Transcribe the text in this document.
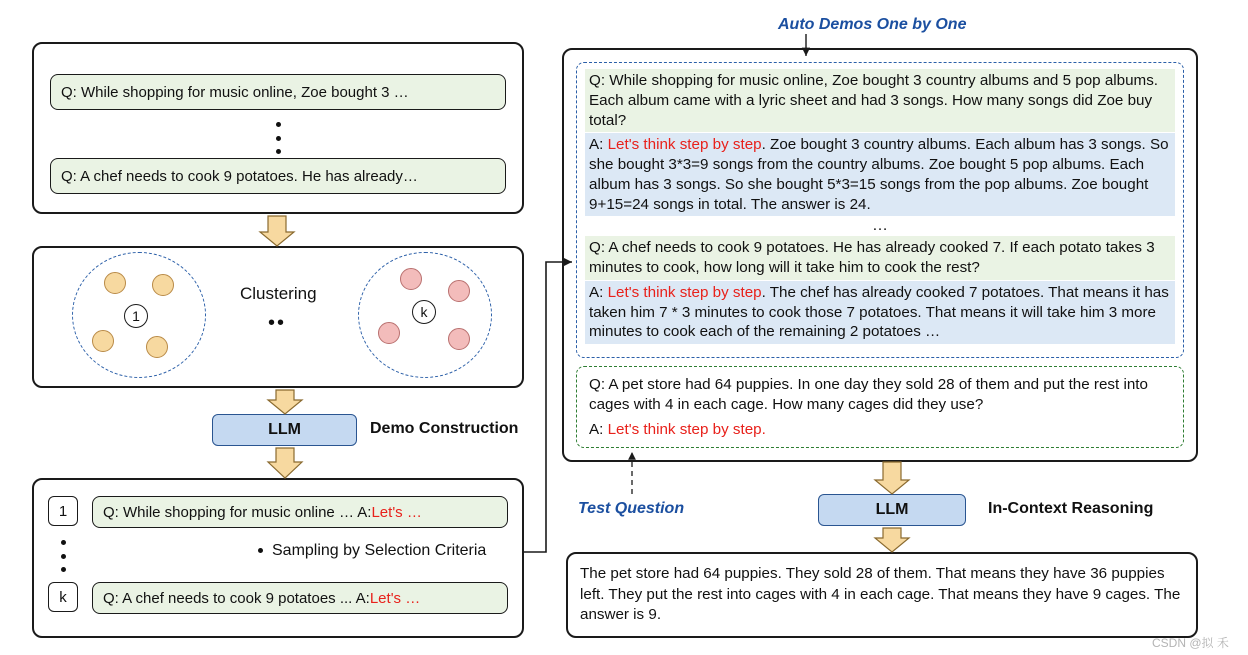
Q: While shopping for music online, Zoe bought 3 …
Q: A chef needs to cook 9 potatoes. He has already…
1
Clustering
••	k
LLM	Demo Construction
1	Q: While shopping for music online … A: Let's …
k	Q: A chef needs to cook 9 potatoes ... A: Let's …
Sampling by Selection Criteria
Auto Demos One by One
Q: While shopping for music online, Zoe bought 3 country albums and 5 pop albums. Each album came with a lyric sheet and had 3 songs. How many songs did Zoe buy total?
A: Let's think step by step. Zoe bought 3 country albums. Each album has 3 songs. So she bought 3*3=9 songs from the country albums. Zoe bought 5 pop albums. Each album has 3 songs. So she bought 5*3=15 songs from the pop albums. Zoe bought 9+15=24 songs in total. The answer is 24.
…
Q: A chef needs to cook 9 potatoes. He has already cooked 7. If each potato takes 3 minutes to cook, how long will it take him to cook the rest?
A: Let's think step by step. The chef has already cooked 7 potatoes. That means it has taken him 7 * 3 minutes to cook those 7 potatoes. That means it will take him 3 more minutes to cook each of the remaining 2 potatoes …
Q: A pet store had 64 puppies. In one day they sold 28 of them and put the rest into cages with 4 in each cage. How many cages did they use?
A: Let's think step by step.
Test Question	LLM	In-Context Reasoning
The pet store had 64 puppies. They sold 28 of them. That means they have 36 puppies left. They put the rest into cages with 4 in each cage. That means they have 9 cages. The answer is 9.
CSDN @拟 禾
